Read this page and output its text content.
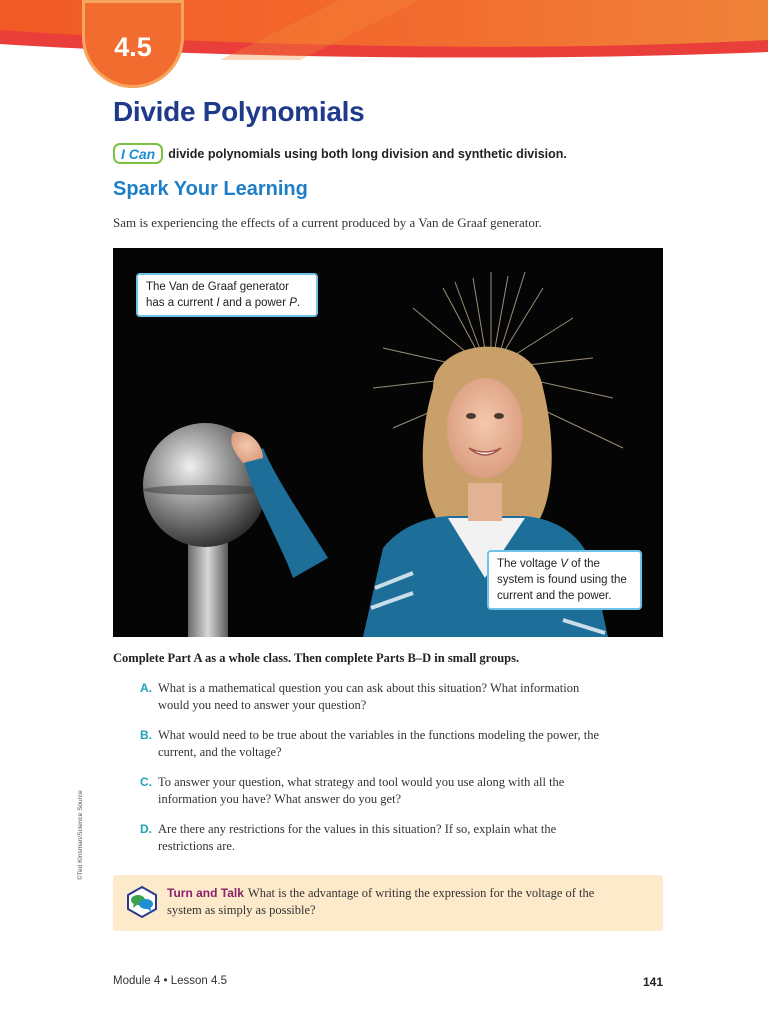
4.5
Divide Polynomials
I Can	divide polynomials using both long division and synthetic division.
Spark Your Learning
Sam is experiencing the effects of a current produced by a Van de Graaf generator.
The Van de Graaf generator
has a current I and a power P.
The voltage V of the system is found using the current and the power.
Complete Part A as a whole class. Then complete Parts B–D in small groups.
A. What is a mathematical question you can ask about this situation? What information would you need to answer your question?
B. What would need to be true about the variables in the functions modeling the power, the current, and the voltage?
C. To answer your question, what strategy and tool would you use along with all the information you have? What answer do you get?
D. Are there any restrictions for the values in this situation? If so, explain what the restrictions are.
©Ted Kinsman/Science Source
Turn and Talk What is the advantage of writing the expression for the voltage of the system as simply as possible?
Module 4 • Lesson 4.5	141
